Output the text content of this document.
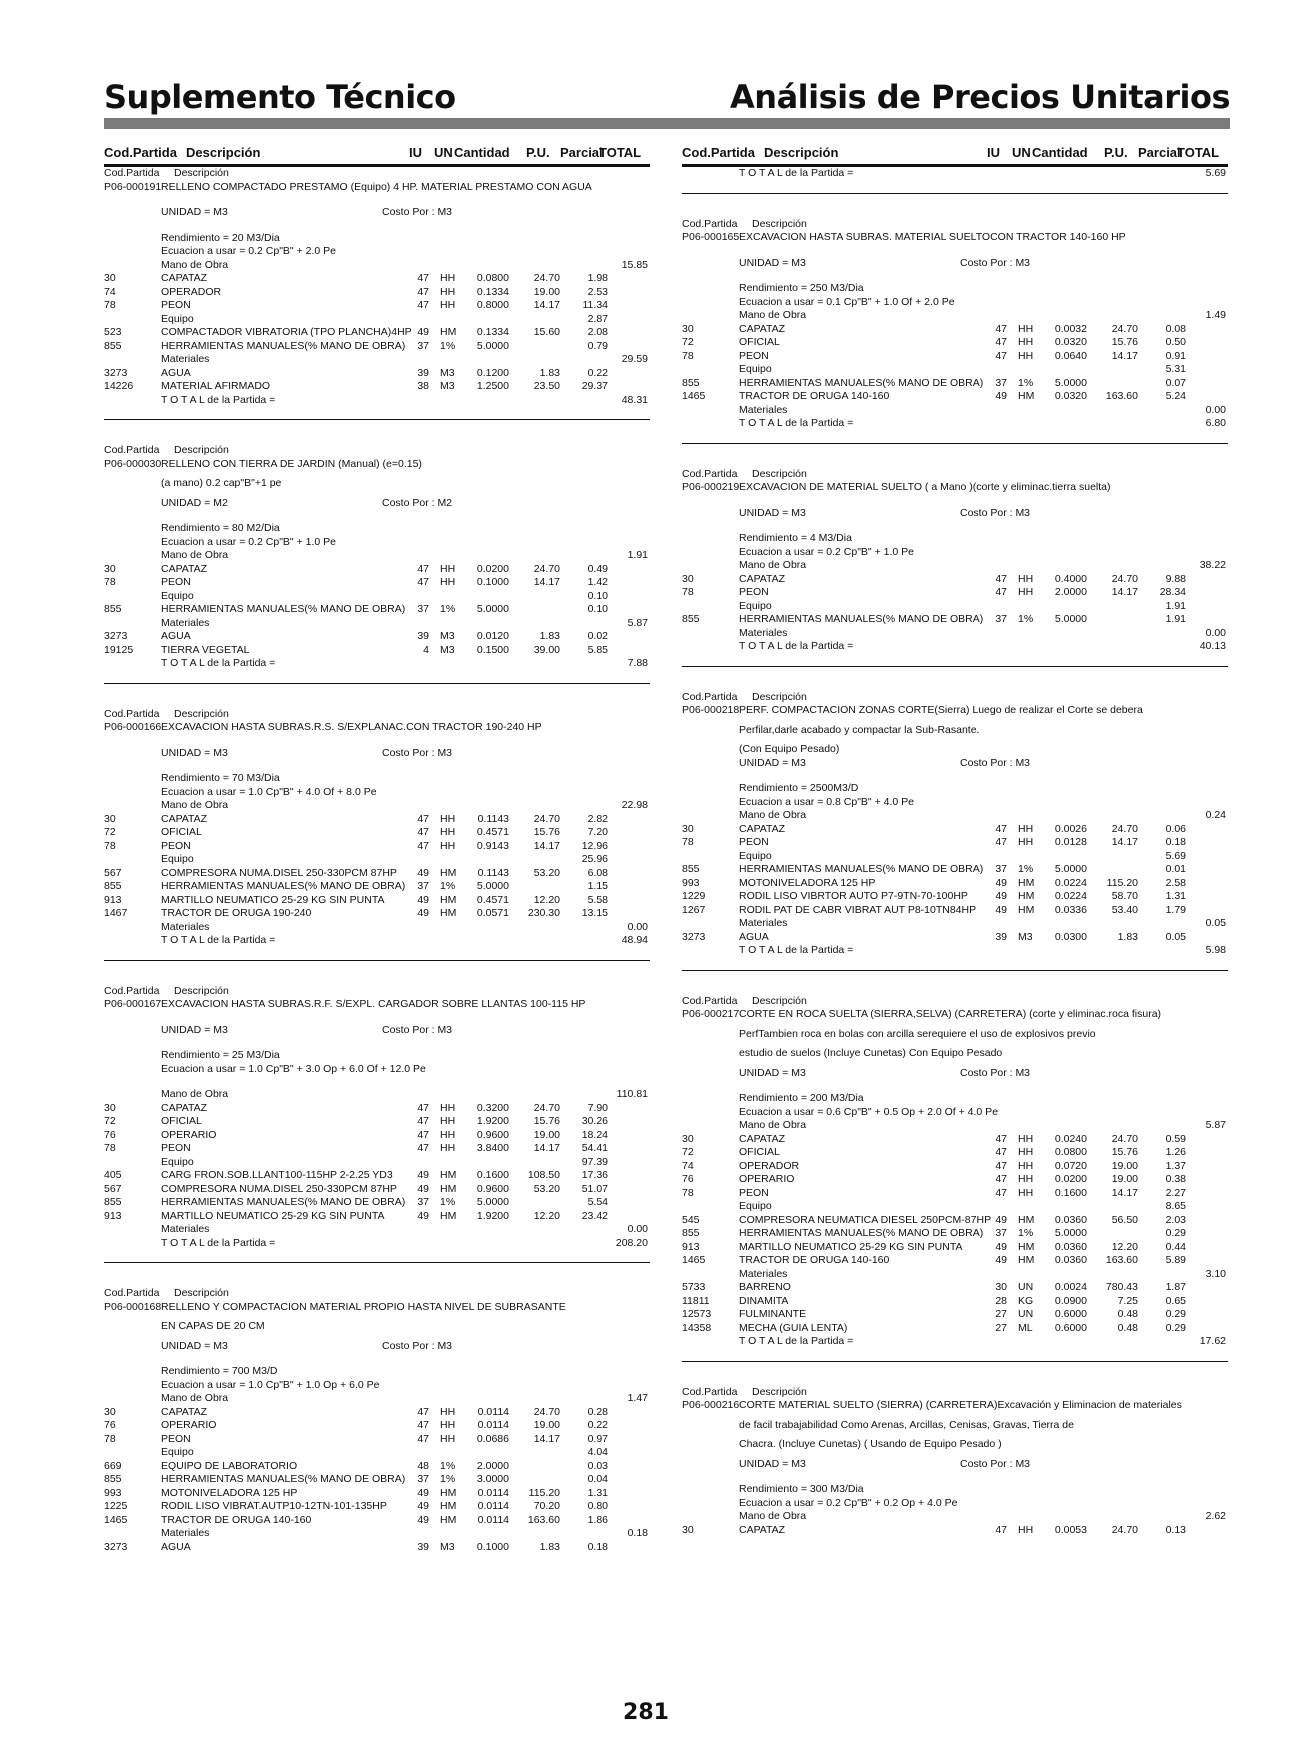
Suplemento Técnico	Análisis de Precios Unitarios
Cod.Partida Descripción	IU UN Cantidad P.U. Parcial
TOTAL
Cod.Partida Descripción
P06-000191 RELLENO COMPACTADO PRESTAMO (Equipo) 4 HP. MATERIAL PRESTAMO CON AGUA
UNIDAD = M3	Costo Por : M3
Rendimiento = 20 M3/Dia
Ecuacion a usar = 0.2 Cp"B" + 2.0 Pe
Mano de Obra	15.85
30	CAPATAZ	47 HH	0.0800	24.70	1.98
74	OPERADOR	47 HH	0.1334	19.00	2.53
78	PEON	47 HH	0.8000	14.17	11.34
Equipo	2.87
523	COMPACTADOR VIBRATORIA (TPO PLANCHA)4HP 49 HM	0.1334	15.60	2.08
855	HERRAMIENTAS MANUALES(% MANO DE OBRA)	37 1%	5.0000	0.79
Materiales	29.59
3273	AGUA	39 M3	0.1200	1.83	0.22
14226	MATERIAL AFIRMADO	38 M3	1.2500	23.50	29.37
T O T A L de la Partida =	48.31
Cod.Partida Descripción
P06-000030 RELLENO CON TIERRA DE JARDIN (Manual) (e=0.15)
(a mano) 0.2 cap"B"+1 pe
UNIDAD = M2	Costo Por : M2
Rendimiento = 80 M2/Dia
Ecuacion a usar = 0.2 Cp"B" + 1.0 Pe
Mano de Obra	1.91
30	CAPATAZ	47 HH	0.0200	24.70	0.49
78	PEON	47 HH	0.1000	14.17	1.42
Equipo	0.10
855	HERRAMIENTAS MANUALES(% MANO DE OBRA)	37 1%	5.0000	0.10
Materiales	5.87
3273	AGUA	39 M3	0.0120	1.83	0.02
19125	TIERRA VEGETAL	4 M3	0.1500	39.00	5.85
T O T A L de la Partida =	7.88
Cod.Partida Descripción
P06-000166 EXCAVACION HASTA SUBRAS.R.S. S/EXPLANAC.CON TRACTOR 190-240 HP
UNIDAD = M3	Costo Por : M3
Rendimiento = 70 M3/Dia
Ecuacion a usar = 1.0 Cp"B" + 4.0 Of + 8.0 Pe
Mano de Obra	22.98
30	CAPATAZ	47 HH	0.1143	24.70	2.82
72	OFICIAL	47 HH	0.4571	15.76	7.20
78	PEON	47 HH	0.9143	14.17	12.96
Equipo	25.96
567	COMPRESORA NUMA.DISEL 250-330PCM 87HP	49 HM	0.1143	53.20	6.08
855	HERRAMIENTAS MANUALES(% MANO DE OBRA)	37 1%	5.0000	1.15
913	MARTILLO NEUMATICO 25-29 KG SIN PUNTA	49 HM	0.4571	12.20	5.58
1467	TRACTOR DE ORUGA 190-240	49 HM	0.0571	230.30	13.15
Materiales	0.00
T O T A L de la Partida =	48.94
Cod.Partida Descripción
P06-000167 EXCAVACION HASTA SUBRAS.R.F. S/EXPL. CARGADOR SOBRE LLANTAS 100-115 HP
UNIDAD = M3	Costo Por : M3
Rendimiento = 25 M3/Dia
Ecuacion a usar = 1.0 Cp"B" + 3.0 Op + 6.0 Of + 12.0 Pe
Mano de Obra	110.81
30	CAPATAZ	47 HH	0.3200	24.70	7.90
72	OFICIAL	47 HH	1.9200	15.76	30.26
76	OPERARIO	47 HH	0.9600	19.00	18.24
78	PEON	47 HH	3.8400	14.17	54.41
Equipo	97.39
405	CARG FRON.SOB.LLANT100-115HP 2-2.25 YD3	49 HM	0.1600	108.50	17.36
567	COMPRESORA NUMA.DISEL 250-330PCM 87HP	49 HM	0.9600	53.20	51.07
855	HERRAMIENTAS MANUALES(% MANO DE OBRA)	37 1%	5.0000	5.54
913	MARTILLO NEUMATICO 25-29 KG SIN PUNTA	49 HM	1.9200	12.20	23.42
Materiales	0.00
T O T A L de la Partida =	208.20
Cod.Partida Descripción
P06-000168 RELLENO Y COMPACTACION MATERIAL PROPIO HASTA NIVEL DE SUBRASANTE
EN CAPAS DE 20 CM
UNIDAD = M3	Costo Por : M3
Rendimiento = 700 M3/D
Ecuacion a usar = 1.0 Cp"B" + 1.0 Op + 6.0 Pe
Mano de Obra	1.47
30	CAPATAZ	47 HH	0.0114	24.70	0.28
76	OPERARIO	47 HH	0.0114	19.00	0.22
78	PEON	47 HH	0.0686	14.17	0.97
Equipo	4.04
669	EQUIPO DE LABORATORIO	48 1%	2.0000	0.03
855	HERRAMIENTAS MANUALES(% MANO DE OBRA)	37 1%	3.0000	0.04
993	MOTONIVELADORA 125 HP	49 HM	0.0114	115.20	1.31
1225	RODIL LISO VIBRAT.AUTP10-12TN-101-135HP	49 HM	0.0114	70.20	0.80
1465	TRACTOR DE ORUGA 140-160	49 HM	0.0114	163.60	1.86
Materiales	0.18
3273	AGUA	39 M3	0.1000	1.83	0.18
Cod.Partida Descripción	IU UN Cantidad P.U. Parcial
TOTAL
T O T A L de la Partida =	5.69
Cod.Partida Descripción
P06-000165 EXCAVACION HASTA SUBRAS. MATERIAL SUELTOCON TRACTOR 140-160 HP
UNIDAD = M3	Costo Por : M3
Rendimiento = 250 M3/Dia
Ecuacion a usar = 0.1 Cp"B" + 1.0 Of + 2.0 Pe
Mano de Obra	1.49
30	CAPATAZ	47 HH	0.0032	24.70	0.08
72	OFICIAL	47 HH	0.0320	15.76	0.50
78	PEON	47 HH	0.0640	14.17	0.91
Equipo	5.31
855	HERRAMIENTAS MANUALES(% MANO DE OBRA)	37 1%	5.0000	0.07
1465	TRACTOR DE ORUGA 140-160	49 HM	0.0320	163.60	5.24
Materiales	0.00
T O T A L de la Partida =	6.80
Cod.Partida Descripción
P06-000219 EXCAVACION DE MATERIAL SUELTO ( a Mano )(corte y eliminac.tierra suelta)
UNIDAD = M3	Costo Por : M3
Rendimiento = 4 M3/Dia
Ecuacion a usar = 0.2 Cp"B" + 1.0 Pe
Mano de Obra	38.22
30	CAPATAZ	47 HH	0.4000	24.70	9.88
78	PEON	47 HH	2.0000	14.17	28.34
Equipo	1.91
855	HERRAMIENTAS MANUALES(% MANO DE OBRA)	37 1%	5.0000	1.91
Materiales	0.00
T O T A L de la Partida =	40.13
Cod.Partida Descripción
P06-000218 PERF. COMPACTACION ZONAS CORTE(Sierra) Luego de realizar el Corte se debera
Perfilar,darle acabado y compactar la Sub-Rasante.
(Con Equipo Pesado)
UNIDAD = M3	Costo Por : M3
Rendimiento = 2500M3/D
Ecuacion a usar = 0.8 Cp"B" + 4.0 Pe
Mano de Obra	0.24
30	CAPATAZ	47 HH	0.0026	24.70	0.06
78	PEON	47 HH	0.0128	14.17	0.18
Equipo	5.69
855	HERRAMIENTAS MANUALES(% MANO DE OBRA)	37 1%	5.0000	0.01
993	MOTONIVELADORA 125 HP	49 HM	0.0224	115.20	2.58
1229	RODIL LISO VIBRTOR AUTO P7-9TN-70-100HP	49 HM	0.0224	58.70	1.31
1267	RODIL PAT DE CABR VIBRAT AUT P8-10TN84HP	49 HM	0.0336	53.40	1.79
Materiales	0.05
3273	AGUA	39 M3	0.0300	1.83	0.05
T O T A L de la Partida =	5.98
Cod.Partida Descripción
P06-000217 CORTE EN ROCA SUELTA (SIERRA,SELVA) (CARRETERA) (corte y eliminac.roca fisura)
PerfTambien roca en bolas con arcilla serequiere el uso de explosivos previo
estudio de suelos (Incluye Cunetas) Con Equipo Pesado
UNIDAD = M3	Costo Por : M3
Rendimiento = 200 M3/Dia
Ecuacion a usar = 0.6 Cp"B" + 0.5 Op + 2.0 Of + 4.0 Pe
Mano de Obra	5.87
30	CAPATAZ	47 HH	0.0240	24.70	0.59
72	OFICIAL	47 HH	0.0800	15.76	1.26
74	OPERADOR	47 HH	0.0720	19.00	1.37
76	OPERARIO	47 HH	0.0200	19.00	0.38
78	PEON	47 HH	0.1600	14.17	2.27
Equipo	8.65
545	COMPRESORA NEUMATICA DIESEL 250PCM-87HP 49 HM	0.0360	56.50	2.03
855	HERRAMIENTAS MANUALES(% MANO DE OBRA)	37 1%	5.0000	0.29
913	MARTILLO NEUMATICO 25-29 KG SIN PUNTA	49 HM	0.0360	12.20	0.44
1465	TRACTOR DE ORUGA 140-160	49 HM	0.0360	163.60	5.89
Materiales	3.10
5733	BARRENO	30 UN	0.0024	780.43	1.87
11811	DINAMITA	28 KG	0.0900	7.25	0.65
12573	FULMINANTE	27 UN	0.6000	0.48	0.29
14358	MECHA (GUIA LENTA)	27 ML	0.6000	0.48	0.29
T O T A L de la Partida =	17.62
Cod.Partida Descripción
P06-000216 CORTE MATERIAL SUELTO (SIERRA) (CARRETERA)Excavación y Eliminacion de materiales
de facil trabajabilidad Como Arenas, Arcillas, Cenisas, Gravas, Tierra de
Chacra. (Incluye Cunetas) ( Usando de Equipo Pesado )
UNIDAD = M3	Costo Por : M3
Rendimiento = 300 M3/Dia
Ecuacion a usar = 0.2 Cp"B" + 0.2 Op + 4.0 Pe
Mano de Obra	2.62
30	CAPATAZ	47 HH	0.0053	24.70	0.13
281
